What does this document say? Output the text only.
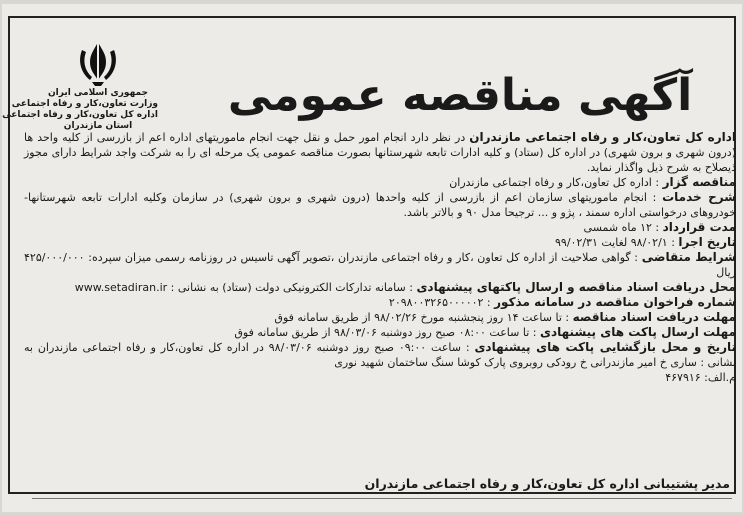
جمهوری اسلامی ایران
وزارت تعاون،کار و رفاه اجتماعی
اداره کل تعاون،کار و رفاه اجتماعی
استان مازندران
آگهی مناقصه عمومی

اداره کل تعاون،کار و رفاه اجتماعی مازندران در نظر دارد انجام امور حمل و نقل جهت انجام ماموریتهای اداره اعم از بازرسی از کلیه واحد ها (درون شهری و برون شهری) در اداره کل (ستاد) و کلیه ادارات تابعه شهرستانها بصورت مناقصه عمومی یک مرحله ای را به شرکت واجد شرایط دارای مجوز ذیصلاح به شرح ذیل واگذار نماید.

مناقصه گزار : اداره کل تعاون،کار و رفاه اجتماعی مازندران

شرح خدمات : انجام ماموریتهای سازمان اعم از بازرسی از کلیه واحدها (درون شهری و برون شهری) در سازمان وکلیه ادارات تابعه شهرستانها- خودروهای درخواستی اداره سمند ، پژو و ... ترجیحا مدل ۹۰ و بالاتر باشد.

مدت قرارداد : ۱۲ ماه شمسی

تاریخ اجرا : ۹۸/۰۲/۱ لغایت ۹۹/۰۲/۳۱

شرایط متقاضی : گواهی صلاحیت از اداره کل تعاون ،کار و رفاه اجتماعی مازندران ،تصویر آگهی تاسیس در روزنامه رسمی میزان سپرده: ۴۲۵/۰۰۰/۰۰۰ ریال

محل دریافت اسناد مناقصه و ارسال پاکتهای پیشنهادی : سامانه تدارکات الکترونیکی دولت (ستاد) به نشانی : www.setadiran.ir

شماره فراخوان مناقصه در سامانه مذکور : ۲۰۹۸۰۰۳۲۶۵۰۰۰۰۰۲

مهلت دریافت اسناد مناقصه : تا ساعت ۱۴ روز پنجشنبه مورخ ۹۸/۰۲/۲۶ از طریق سامانه فوق

مهلت ارسال پاکت های پیشنهادی : تا ساعت ۰۸:۰۰ صبح روز دوشنبه ۹۸/۰۳/۰۶ از طریق سامانه فوق

تاریخ و محل بازگشایی پاکت های پیشنهادی : ساعت ۰۹:۰۰ صبح روز دوشنبه ۹۸/۰۳/۰۶ در اداره کل تعاون،کار و رفاه اجتماعی مازندران به نشانی : ساری خ امیر مازندرانی خ رودکی روبروی پارک کوشا سنگ ساختمان شهید نوری

م.الف: ۴۶۷۹۱۶

مدیر پشتیبانی اداره کل تعاون،کار و رفاه اجتماعی مازندران
